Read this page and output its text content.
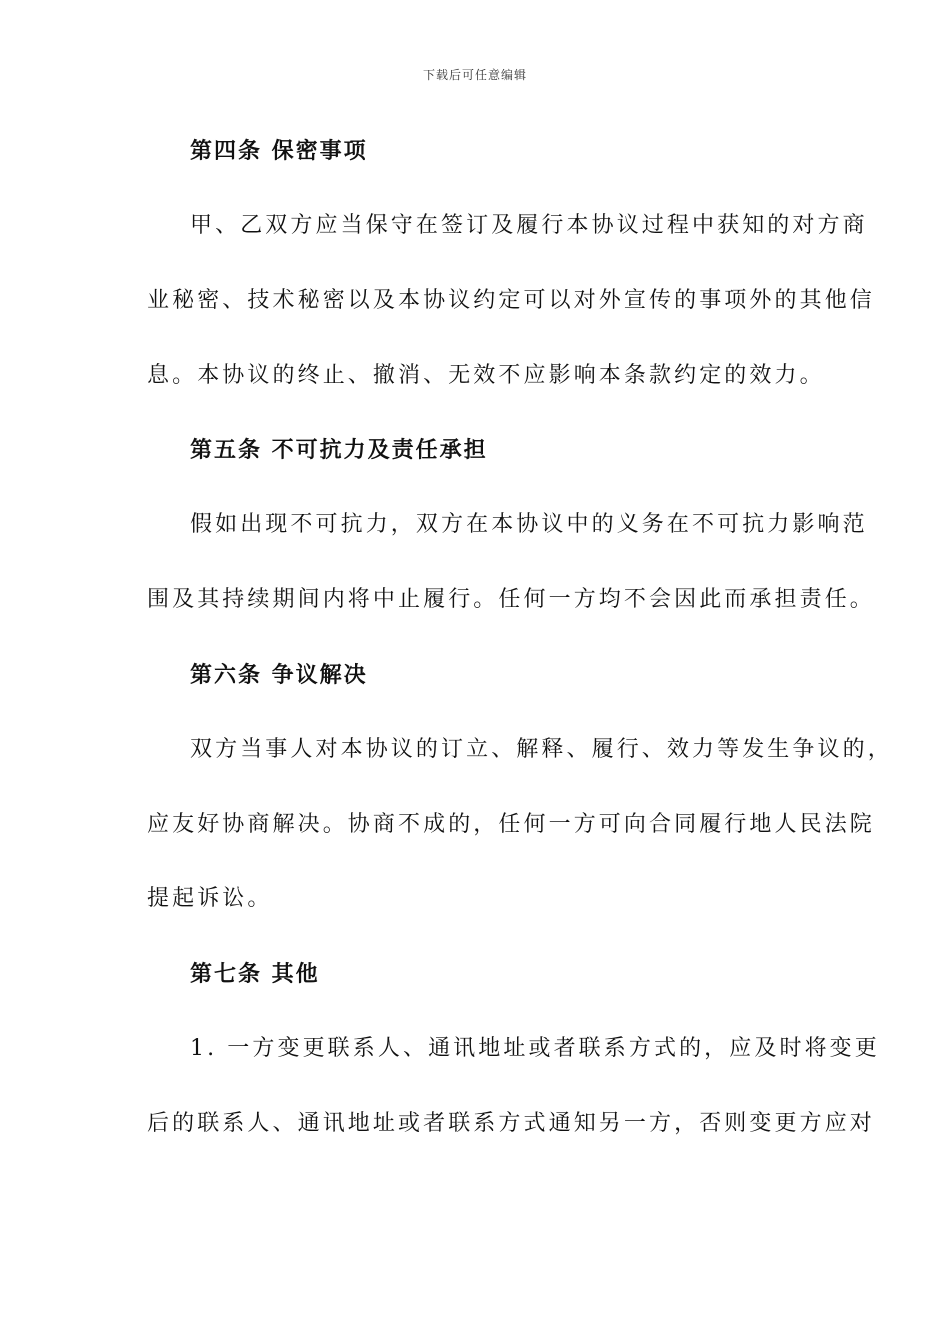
下载后可任意编辑
第四条 保密事项
甲、乙双方应当保守在签订及履行本协议过程中获知的对方商
业秘密、技术秘密以及本协议约定可以对外宣传的事项外的其他信
息。本协议的终止、撤消、无效不应影响本条款约定的效力。
第五条 不可抗力及责任承担
假如出现不可抗力，双方在本协议中的义务在不可抗力影响范
围及其持续期间内将中止履行。任何一方均不会因此而承担责任。
第六条 争议解决
双方当事人对本协议的订立、解释、履行、效力等发生争议的，
应友好协商解决。协商不成的，任何一方可向合同履行地人民法院
提起诉讼。
第七条 其他
1. 一方变更联系人、通讯地址或者联系方式的，应及时将变更
后的联系人、通讯地址或者联系方式通知另一方，否则变更方应对
